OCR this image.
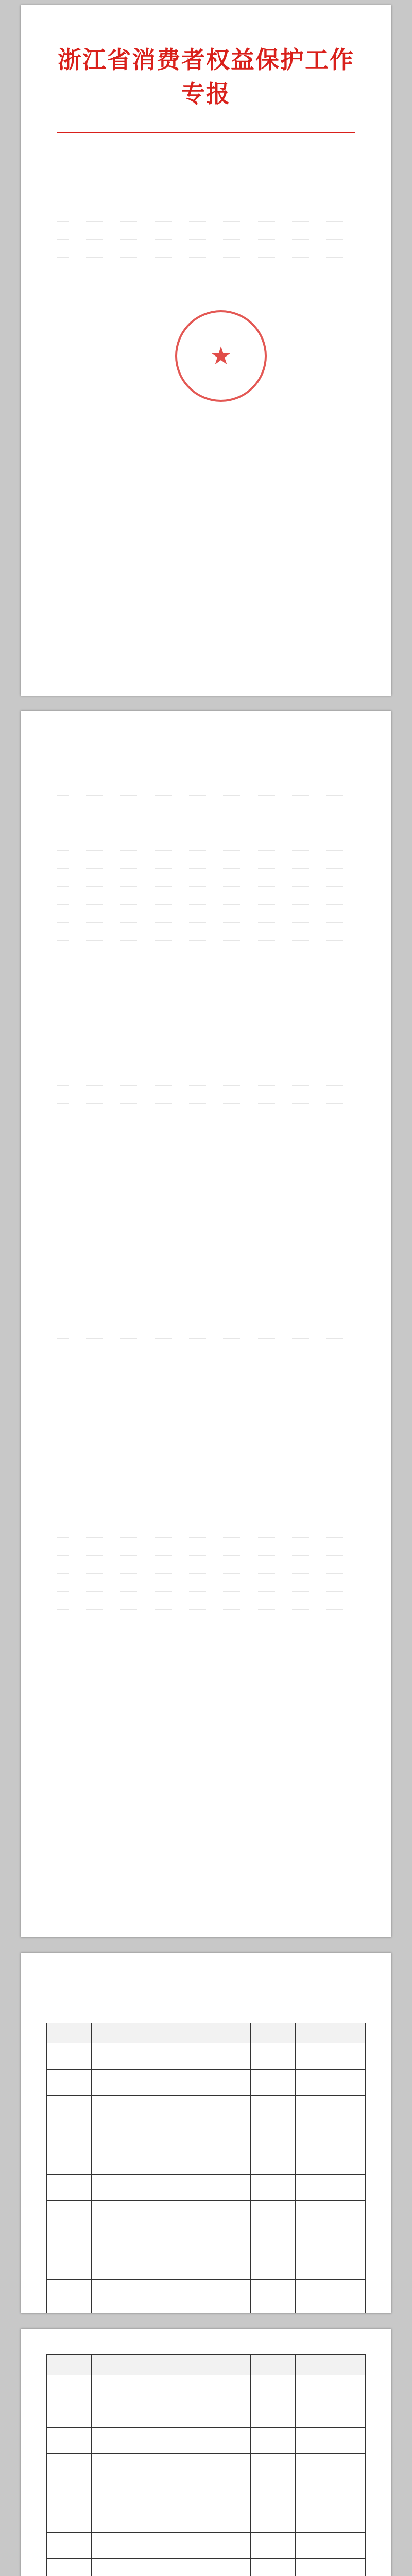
浙江省消费者权益保护工作专报

★
